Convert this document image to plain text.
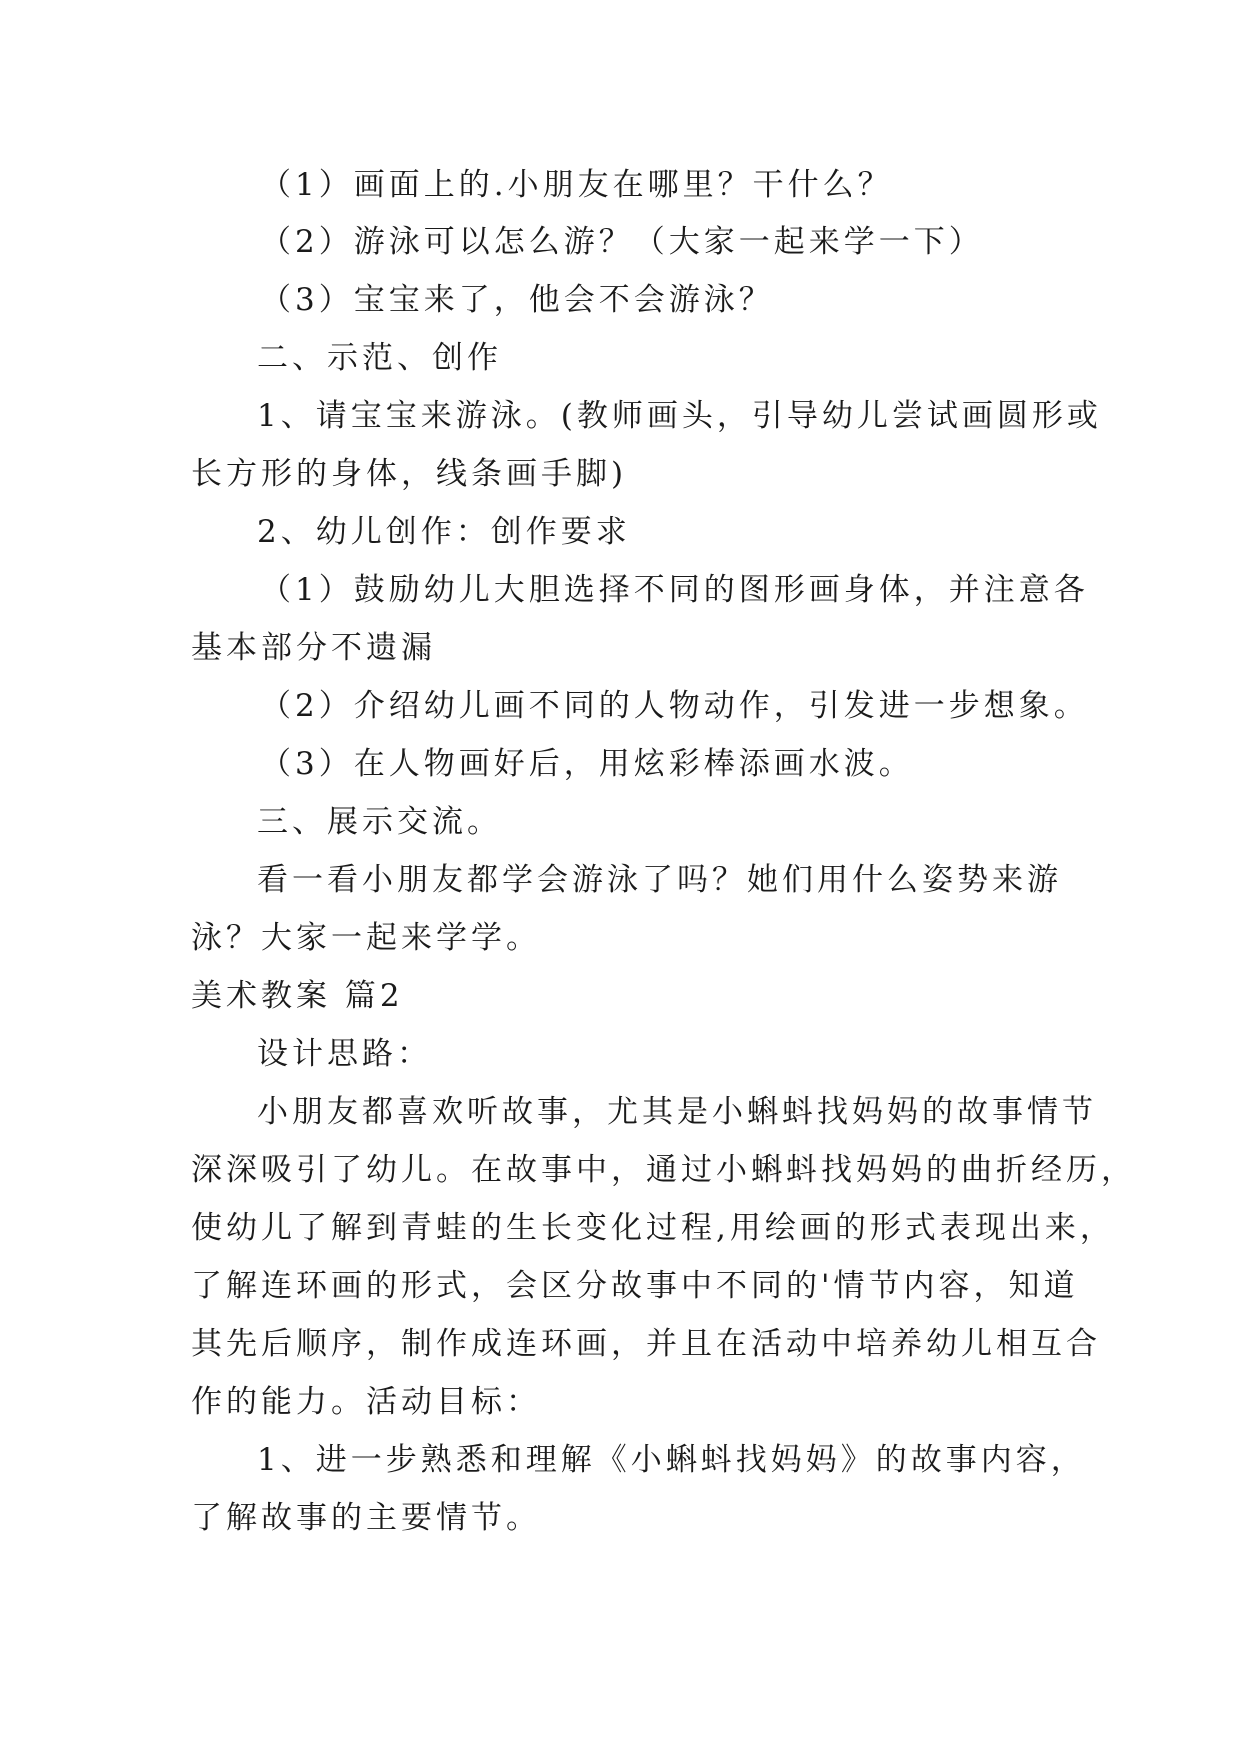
（1）画面上的.小朋友在哪里？干什么？
（2）游泳可以怎么游？（大家一起来学一下）
（3）宝宝来了，他会不会游泳？
二、示范、创作
1、请宝宝来游泳。(教师画头，引导幼儿尝试画圆形或
长方形的身体，线条画手脚)
2、幼儿创作：创作要求
（1）鼓励幼儿大胆选择不同的图形画身体，并注意各
基本部分不遗漏
（2）介绍幼儿画不同的人物动作，引发进一步想象。
（3）在人物画好后，用炫彩棒添画水波。
三、展示交流。
看一看小朋友都学会游泳了吗？她们用什么姿势来游
泳？大家一起来学学。
美术教案 篇2
设计思路：
小朋友都喜欢听故事，尤其是小蝌蚪找妈妈的故事情节
深深吸引了幼儿。在故事中，通过小蝌蚪找妈妈的曲折经历，
使幼儿了解到青蛙的生长变化过程,用绘画的形式表现出来，
了解连环画的形式，会区分故事中不同的'情节内容，知道
其先后顺序，制作成连环画，并且在活动中培养幼儿相互合
作的能力。活动目标：
1、进一步熟悉和理解《小蝌蚪找妈妈》的故事内容，
了解故事的主要情节。
